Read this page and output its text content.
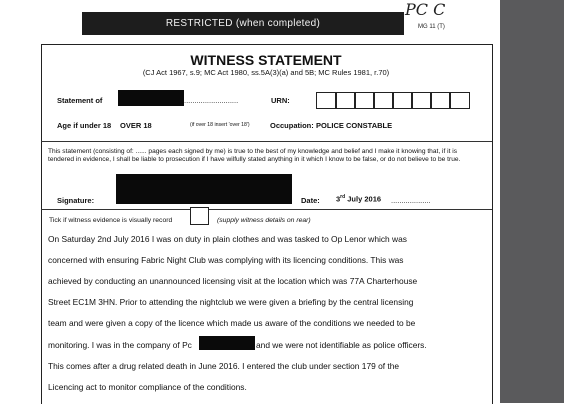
RESTRICTED (when completed)
PC C
MG 11 (T)
WITNESS STATEMENT
(CJ Act 1967, s.9; MC Act 1980, ss.5A(3)(a) and 5B; MC Rules 1981, r.70)
Statement of	..........................	URN:
Age if under 18 OVER 18	(if over 18 insert 'over 18')	Occupation: POLICE CONSTABLE
This statement (consisting of: ...... pages each signed by me) is true to the best of my knowledge and belief and I make it knowing that, if it is tendered in evidence, I shall be liable to prosecution if I have wilfully stated anything in it which I know to be false, or do not believe to be true.
Signature:	Date: 3rd July 2016 ...................
Tick if witness evidence is visually record	(supply witness details on rear)
On Saturday 2nd July 2016 I was on duty in plain clothes and was tasked to Op Lenor which was
concerned with ensuring Fabric Night Club was complying with its licencing conditions. This was
achieved by conducting an unannounced licensing visit at the location which was 77A Charterhouse
Street EC1M 3HN. Prior to attending the nightclub we were given a briefing by the central licensing
team and were given a copy of the licence which made us aware of the conditions we needed to be
monitoring. I was in the company of Pc	and we were not identifiable as police officers.
This comes after a drug related death in June 2016. I entered the club under section 179 of the
Licencing act to monitor compliance of the conditions.
